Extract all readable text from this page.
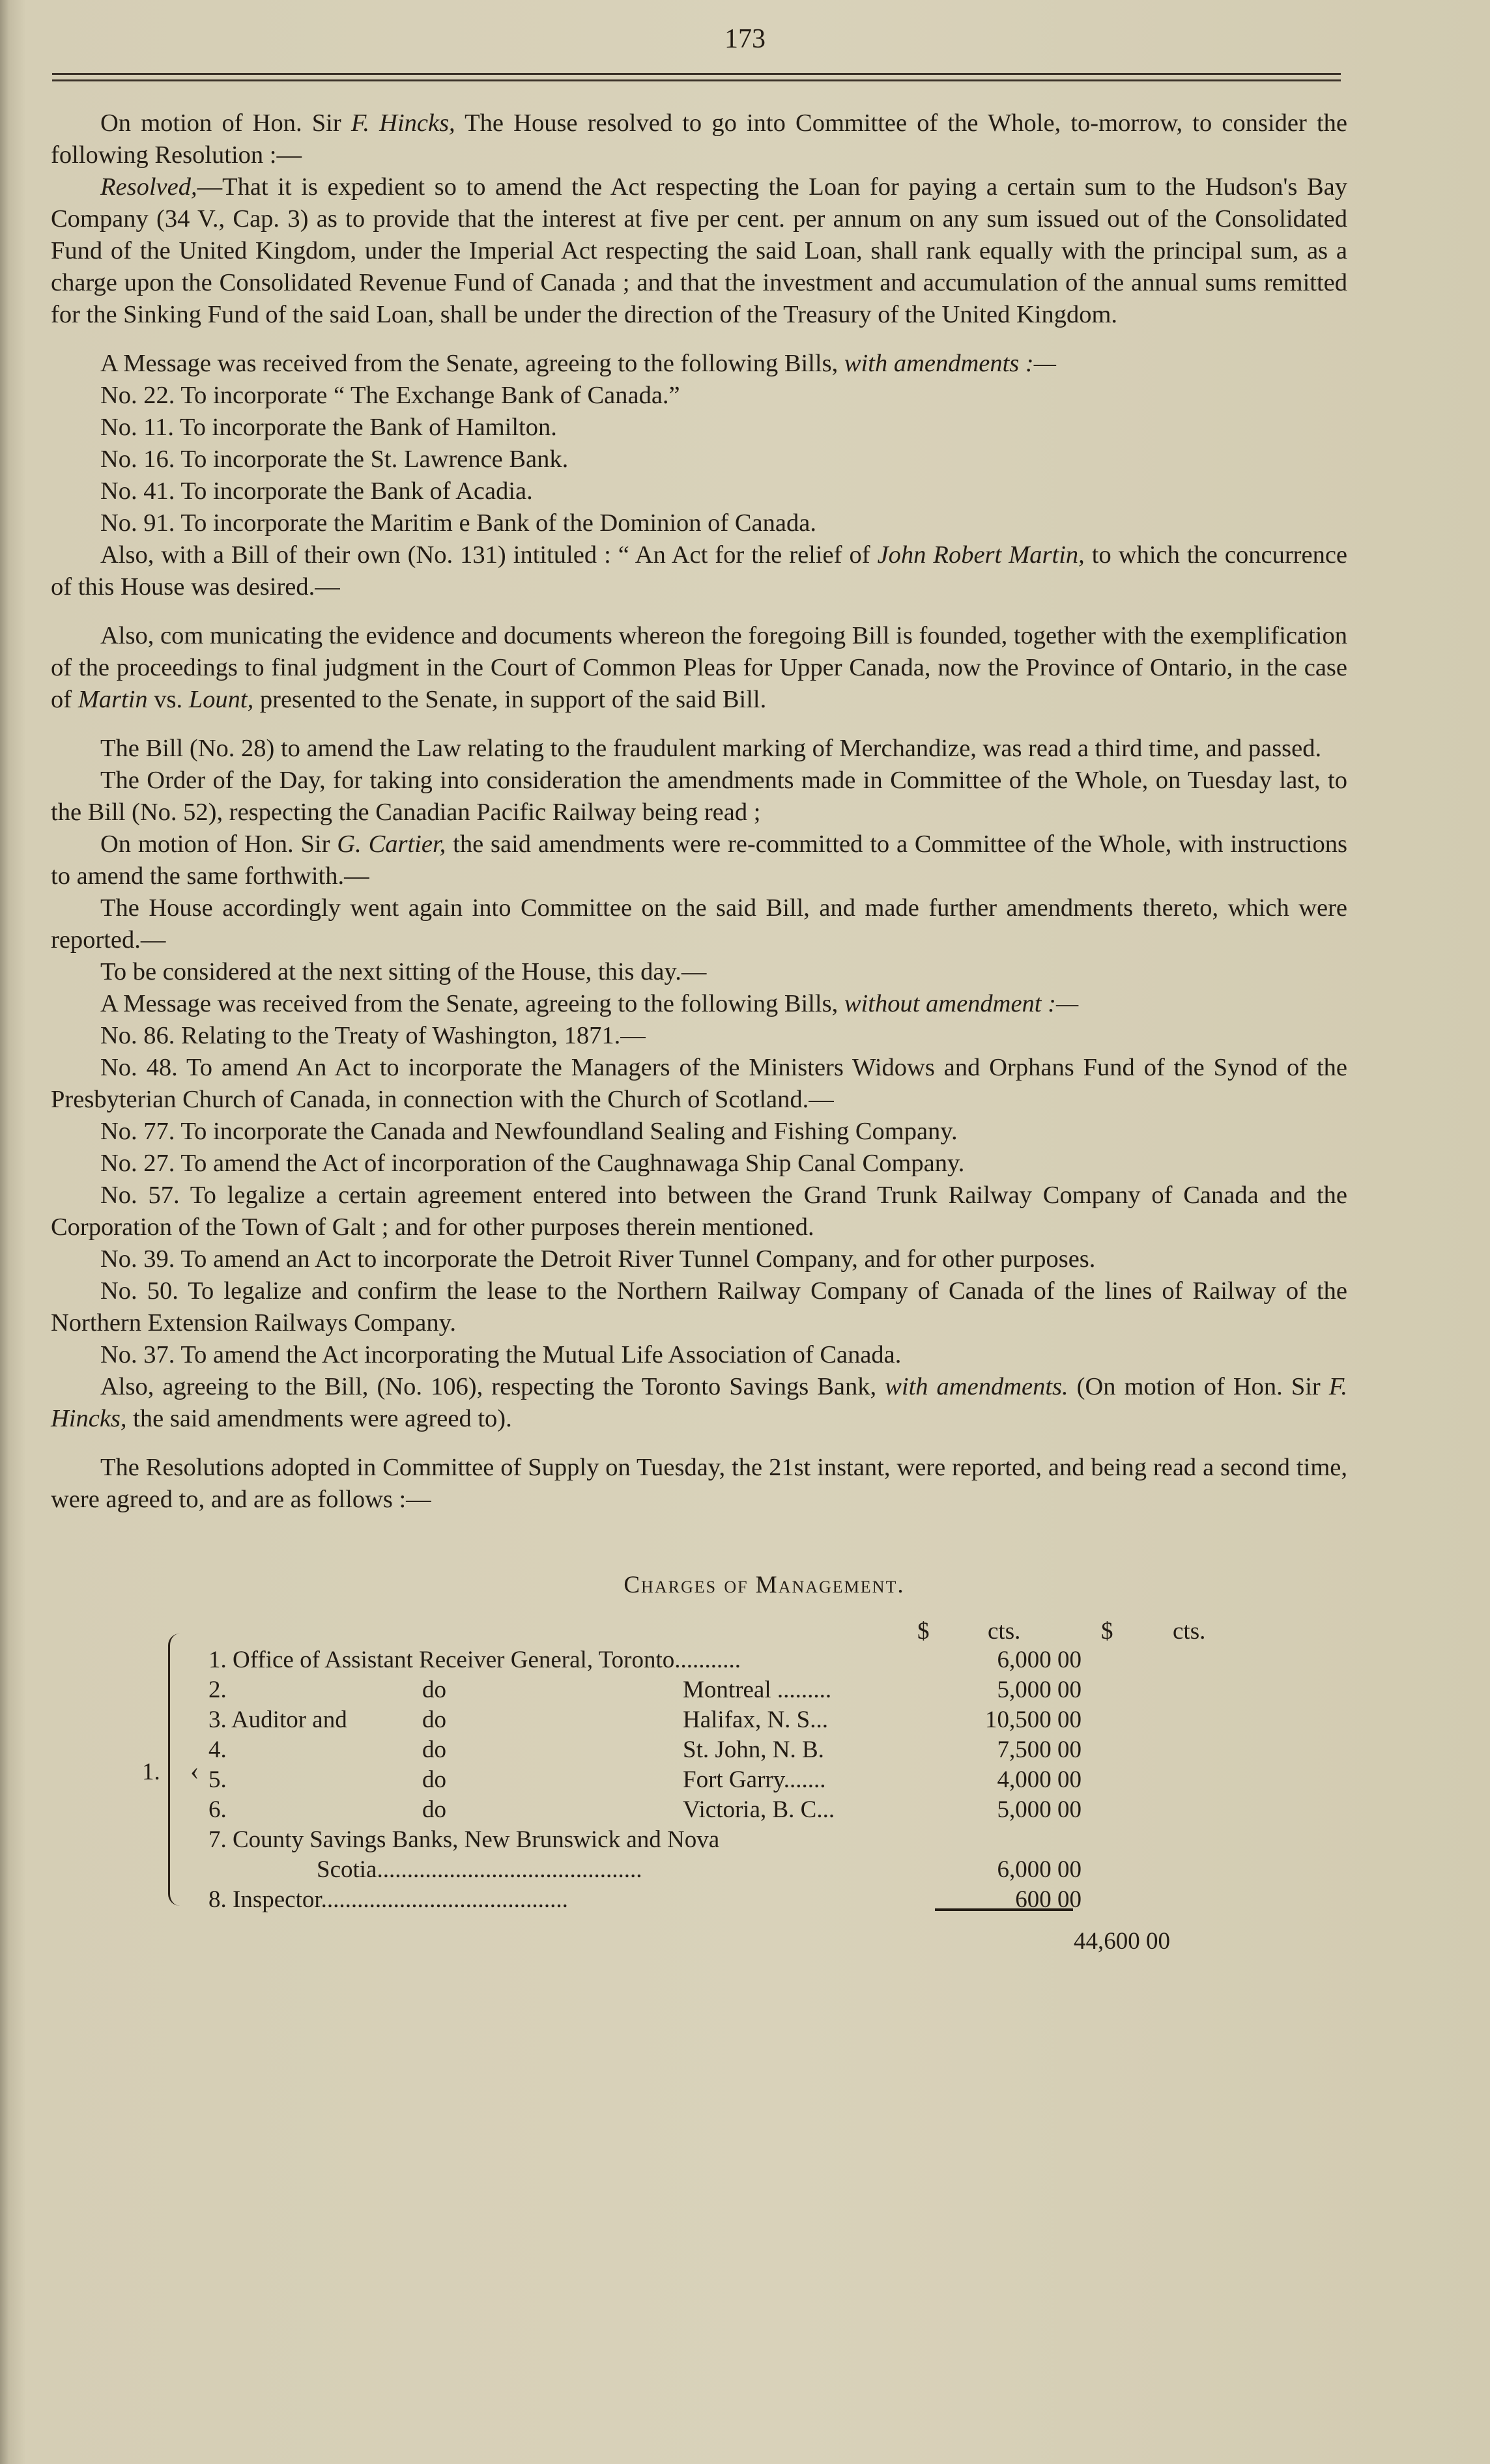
173

On motion of Hon. Sir F. Hincks, The House resolved to go into Committee of the Whole, to-morrow, to consider the following Resolution :—

Resolved,—That it is expedient so to amend the Act respecting the Loan for paying a certain sum to the Hudson's Bay Company (34 V., Cap. 3) as to provide that the interest at five per cent. per annum on any sum issued out of the Consolidated Fund of the United Kingdom, under the Imperial Act respecting the said Loan, shall rank equally with the principal sum, as a charge upon the Consolidated Revenue Fund of Canada ; and that the investment and accumulation of the annual sums remitted for the Sinking Fund of the said Loan, shall be under the direction of the Treasury of the United Kingdom.

A Message was received from the Senate, agreeing to the following Bills, with amendments :—

No. 22. To incorporate “ The Exchange Bank of Canada.”

No. 11. To incorporate the Bank of Hamilton.

No. 16. To incorporate the St. Lawrence Bank.

No. 41. To incorporate the Bank of Acadia.

No. 91. To incorporate the Maritim e Bank of the Dominion of Canada.

Also, with a Bill of their own (No. 131) intituled : “ An Act for the relief of John Robert Martin, to which the concurrence of this House was desired.—

Also, com municating the evidence and documents whereon the foregoing Bill is founded, together with the exemplification of the proceedings to final judgment in the Court of Common Pleas for Upper Canada, now the Province of Ontario, in the case of Martin vs. Lount, presented to the Senate, in support of the said Bill.

The Bill (No. 28) to amend the Law relating to the fraudulent marking of Merchandize, was read a third time, and passed.

The Order of the Day, for taking into consideration the amendments made in Committee of the Whole, on Tuesday last, to the Bill (No. 52), respecting the Canadian Pacific Railway being read ;

On motion of Hon. Sir G. Cartier, the said amendments were re-committed to a Committee of the Whole, with instructions to amend the same forthwith.—

The House accordingly went again into Committee on the said Bill, and made further amendments thereto, which were reported.—

To be considered at the next sitting of the House, this day.—

A Message was received from the Senate, agreeing to the following Bills, without amendment :—

No. 86. Relating to the Treaty of Washington, 1871.—

No. 48. To amend An Act to incorporate the Managers of the Ministers Widows and Orphans Fund of the Synod of the Presbyterian Church of Canada, in connection with the Church of Scotland.—

No. 77. To incorporate the Canada and Newfoundland Sealing and Fishing Company.

No. 27. To amend the Act of incorporation of the Caughnawaga Ship Canal Company.

No. 57. To legalize a certain agreement entered into between the Grand Trunk Railway Company of Canada and the Corporation of the Town of Galt ; and for other purposes therein mentioned.

No. 39. To amend an Act to incorporate the Detroit River Tunnel Company, and for other purposes.

No. 50. To legalize and confirm the lease to the Northern Railway Company of Canada of the lines of Railway of the Northern Extension Railways Company.

No. 37. To amend the Act incorporating the Mutual Life Association of Canada.

Also, agreeing to the Bill, (No. 106), respecting the Toronto Savings Bank, with amendments. (On motion of Hon. Sir F. Hincks, the said amendments were agreed to).

The Resolutions adopted in Committee of Supply on Tuesday, the 21st instant, were reported, and being read a second time, were agreed to, and are as follows :—

Charges of Management.
$ cts.	$ cts.
‹
1.
1. Office of Assistant Receiver General, Toronto...........	6,000 00
2.	do	Montreal .........	5,000 00
3. Auditor and	do	Halifax, N. S...	10,500 00
4.	do	St. John, N. B.	7,500 00
5.	do	Fort Garry.......	4,000 00
6.	do	Victoria, B. C...	5,000 00
7. County Savings Banks, New Brunswick and Nova
Scotia............................................	6,000 00
8. Inspector.........................................	600 00
44,600 00
